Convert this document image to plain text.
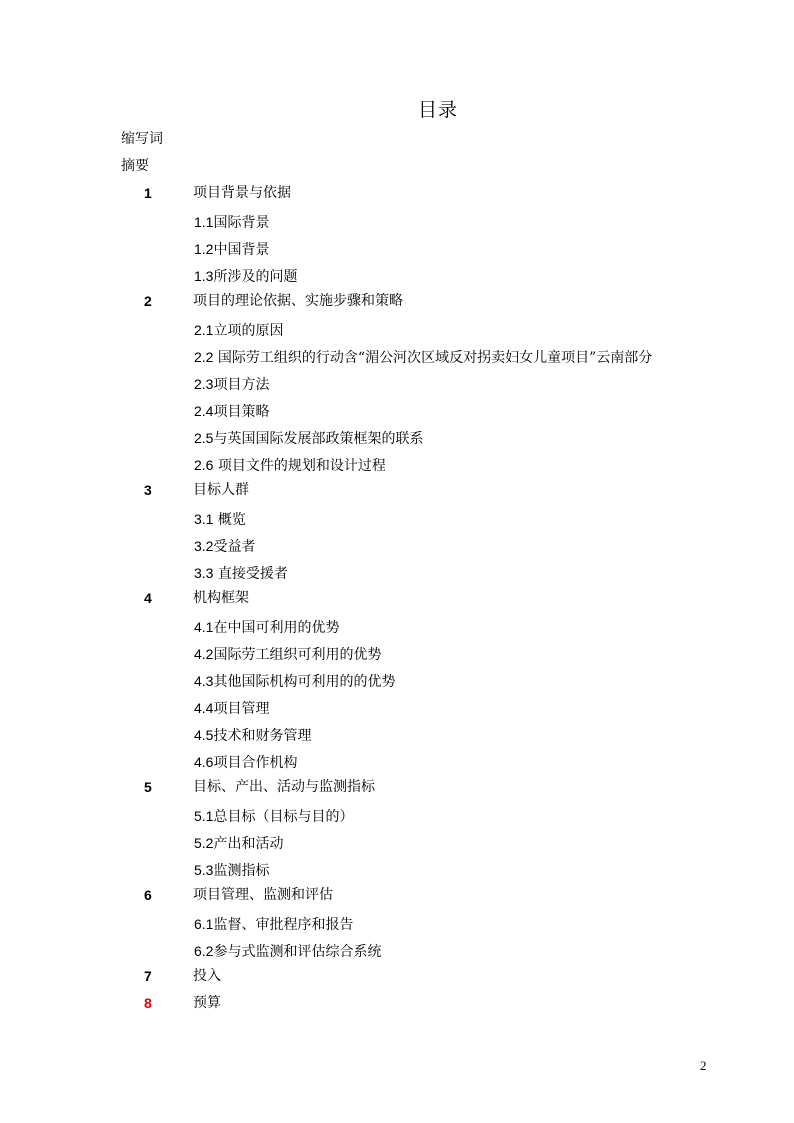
目录
缩写词
摘要
1	项目背景与依据
1.1国际背景
1.2中国背景
1.3所涉及的问题
2	项目的理论依据、实施步骤和策略
2.1立项的原因
2.2 国际劳工组织的行动含“湄公河次区域反对拐卖妇女儿童项目”云南部分
2.3项目方法
2.4项目策略
2.5与英国国际发展部政策框架的联系
2.6 项目文件的规划和设计过程
3	目标人群
3.1 概览
3.2受益者
3.3 直接受援者
4	机构框架
4.1在中国可利用的优势
4.2国际劳工组织可利用的优势
4.3其他国际机构可利用的的优势
4.4项目管理
4.5技术和财务管理
4.6项目合作机构
5	目标、产出、活动与监测指标
5.1总目标（目标与目的）
5.2产出和活动
5.3监测指标
6	项目管理、监测和评估
6.1监督、审批程序和报告
6.2参与式监测和评估综合系统
7	投入
8	预算
2
